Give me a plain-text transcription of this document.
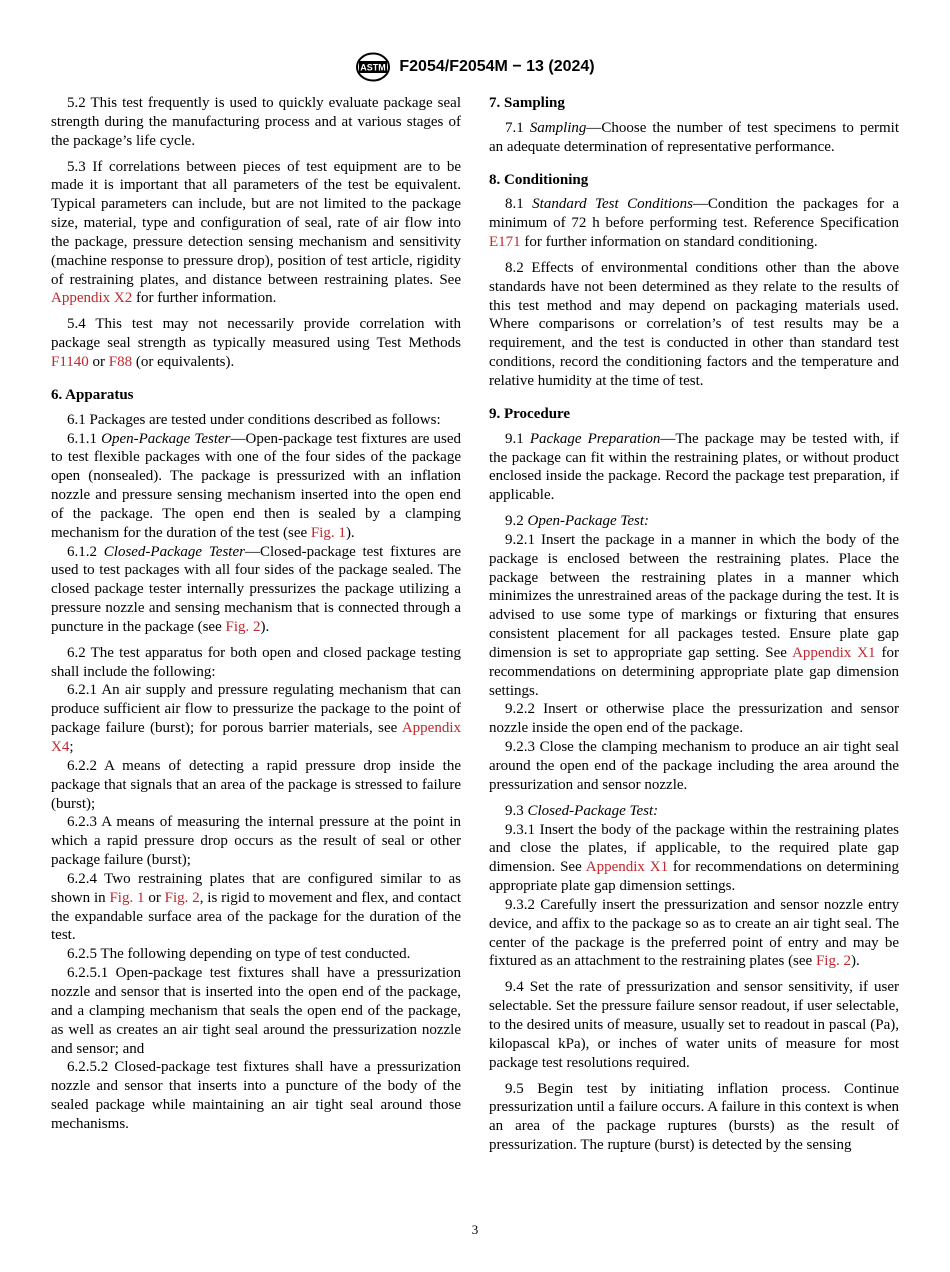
ASTM F2054/F2054M − 13 (2024)

5.2 This test frequently is used to quickly evaluate package seal strength during the manufacturing process and at various stages of the package’s life cycle.

5.3 If correlations between pieces of test equipment are to be made it is important that all parameters of the test be equivalent. Typical parameters can include, but are not limited to the package size, material, type and configuration of seal, rate of air flow into the package, pressure detection sensing mechanism and sensitivity (machine response to pressure drop), position of test article, rigidity of restraining plates, and distance between restraining plates. See Appendix X2 for further information.

5.4 This test may not necessarily provide correlation with package seal strength as typically measured using Test Methods F1140 or F88 (or equivalents).

6. Apparatus

6.1 Packages are tested under conditions described as follows:

6.1.1 Open-Package Tester—Open-package test fixtures are used to test flexible packages with one of the four sides of the package open (nonsealed). The package is pressurized with an inflation nozzle and pressure sensing mechanism inserted into the open end of the package. The open end then is sealed by a clamping mechanism for the duration of the test (see Fig. 1).

6.1.2 Closed-Package Tester—Closed-package test fixtures are used to test packages with all four sides of the package sealed. The closed package tester internally pressurizes the package utilizing a pressure nozzle and sensing mechanism that is connected through a puncture in the package (see Fig. 2).

6.2 The test apparatus for both open and closed package testing shall include the following:

6.2.1 An air supply and pressure regulating mechanism that can produce sufficient air flow to pressurize the package to the point of package failure (burst); for porous barrier materials, see Appendix X4;

6.2.2 A means of detecting a rapid pressure drop inside the package that signals that an area of the package is stressed to failure (burst);

6.2.3 A means of measuring the internal pressure at the point in which a rapid pressure drop occurs as the result of seal or other package failure (burst);

6.2.4 Two restraining plates that are configured similar to as shown in Fig. 1 or Fig. 2, is rigid to movement and flex, and contact the expandable surface area of the package for the duration of the test.

6.2.5 The following depending on type of test conducted.

6.2.5.1 Open-package test fixtures shall have a pressurization nozzle and sensor that is inserted into the open end of the package, and a clamping mechanism that seals the open end of the package, as well as creates an air tight seal around the pressurization nozzle and sensor; and

6.2.5.2 Closed-package test fixtures shall have a pressurization nozzle and sensor that inserts into a puncture of the body of the sealed package while maintaining an air tight seal around those mechanisms.

7. Sampling

7.1 Sampling—Choose the number of test specimens to permit an adequate determination of representative performance.

8. Conditioning

8.1 Standard Test Conditions—Condition the packages for a minimum of 72 h before performing test. Reference Specification E171 for further information on standard conditioning.

8.2 Effects of environmental conditions other than the above standards have not been determined as they relate to the results of this test method and may depend on packaging materials used. Where comparisons or correlation’s of test results may be a requirement, and the test is conducted in other than standard test conditions, record the conditioning factors and the temperature and relative humidity at the time of test.

9. Procedure

9.1 Package Preparation—The package may be tested with, if the package can fit within the restraining plates, or without product enclosed inside the package. Record the package test preparation, if applicable.

9.2 Open-Package Test:

9.2.1 Insert the package in a manner in which the body of the package is enclosed between the restraining plates. Place the package between the restraining plates in a manner which minimizes the unrestrained areas of the package during the test. It is advised to use some type of markings or fixturing that ensures consistent placement for all packages tested. Ensure plate gap dimension is set to appropriate gap setting. See Appendix X1 for recommendations on determining appropriate plate gap dimension settings.

9.2.2 Insert or otherwise place the pressurization and sensor nozzle inside the open end of the package.

9.2.3 Close the clamping mechanism to produce an air tight seal around the open end of the package including the area around the pressurization and sensor nozzle.

9.3 Closed-Package Test:

9.3.1 Insert the body of the package within the restraining plates and close the plates, if applicable, to the required plate gap dimension. See Appendix X1 for recommendations on determining appropriate plate gap dimension settings.

9.3.2 Carefully insert the pressurization and sensor nozzle entry device, and affix to the package so as to create an air tight seal. The center of the package is the preferred point of entry and may be fixtured as an attachment to the restraining plates (see Fig. 2).

9.4 Set the rate of pressurization and sensor sensitivity, if user selectable. Set the pressure failure sensor readout, if user selectable, to the desired units of measure, usually set to readout in pascal (Pa), kilopascal kPa), or inches of water units of measure for most package test resolutions required.

9.5 Begin test by initiating inflation process. Continue pressurization until a failure occurs. A failure in this context is when an area of the package ruptures (bursts) as the result of pressurization. The rupture (burst) is detected by the sensing

3
